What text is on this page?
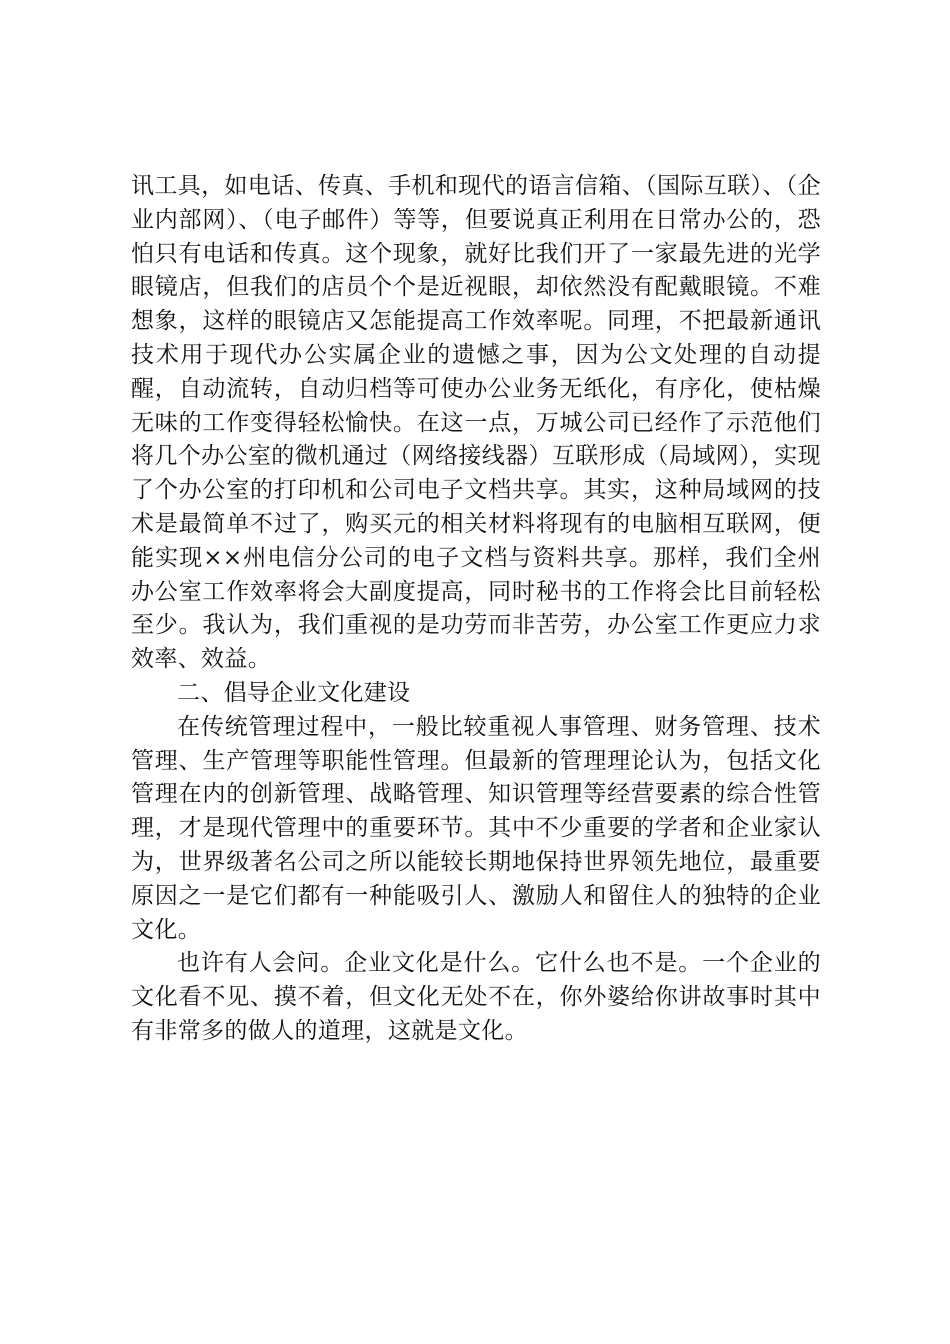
讯工具，如电话、传真、手机和现代的语言信箱、（国际互联）、（企业内部网）、（电子邮件）等等，但要说真正利用在日常办公的，恐怕只有电话和传真。这个现象，就好比我们开了一家最先进的光学眼镜店，但我们的店员个个是近视眼，却依然没有配戴眼镜。不难想象，这样的眼镜店又怎能提高工作效率呢。同理，不把最新通讯技术用于现代办公实属企业的遗憾之事，因为公文处理的自动提醒，自动流转，自动归档等可使办公业务无纸化，有序化，使枯燥无味的工作变得轻松愉快。在这一点，万城公司已经作了示范他们将几个办公室的微机通过（网络接线器）互联形成（局域网），实现了个办公室的打印机和公司电子文档共享。其实，这种局域网的技术是最简单不过了，购买元的相关材料将现有的电脑相互联网，便能实现××州电信分公司的电子文档与资料共享。那样，我们全州办公室工作效率将会大副度提高，同时秘书的工作将会比目前轻松至少。我认为，我们重视的是功劳而非苦劳，办公室工作更应力求效率、效益。

二、倡导企业文化建设

在传统管理过程中，一般比较重视人事管理、财务管理、技术管理、生产管理等职能性管理。但最新的管理理论认为，包括文化管理在内的创新管理、战略管理、知识管理等经营要素的综合性管理，才是现代管理中的重要环节。其中不少重要的学者和企业家认为，世界级著名公司之所以能较长期地保持世界领先地位，最重要原因之一是它们都有一种能吸引人、激励人和留住人的独特的企业文化。

也许有人会问。企业文化是什么。它什么也不是。一个企业的文化看不见、摸不着，但文化无处不在，你外婆给你讲故事时其中有非常多的做人的道理，这就是文化。
